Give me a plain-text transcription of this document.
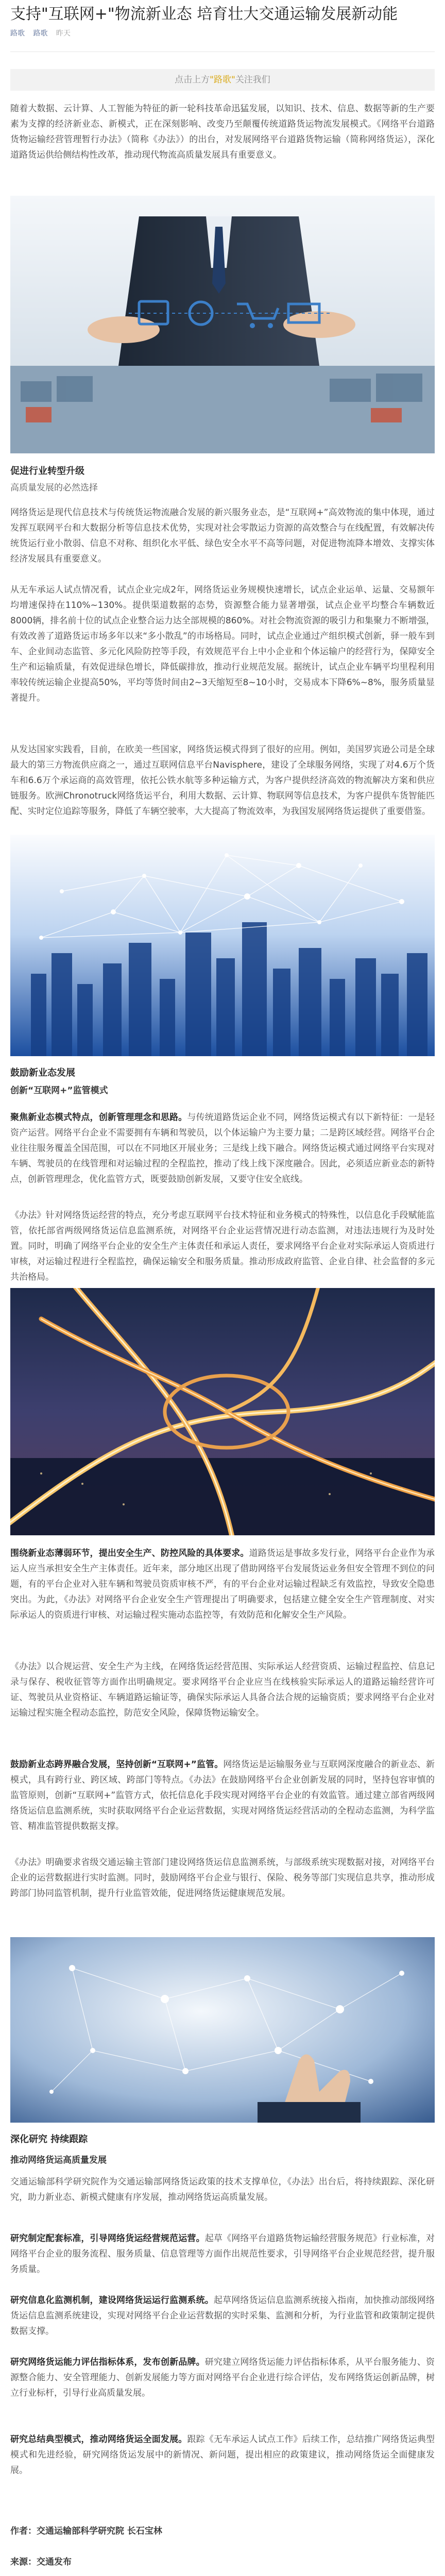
支持"互联网+"物流新业态 培育壮大交通运输发展新动能
路歌 路歌 昨天
点击上方"路歌"关注我们

随着大数据、云计算、人工智能为特征的新一轮科技革命迅猛发展，以知识、技术、信息、数据等新的生产要素为支撑的经济新业态、新模式，正在深刻影响、改变乃至颠覆传统道路货运物流发展模式。《网络平台道路货物运输经营管理暂行办法》（简称《办法》）的出台，对发展网络平台道路货物运输（简称网络货运），深化道路货运供给侧结构性改革，推动现代物流高质量发展具有重要意义。

促进行业转型升级
高质量发展的必然选择

网络货运是现代信息技术与传统货运物流融合发展的新兴服务业态，是“互联网+”高效物流的集中体现，通过发挥互联网平台和大数据分析等信息技术优势，实现对社会零散运力资源的高效整合与在线配置，有效解决传统货运行业小散弱、信息不对称、组织化水平低、绿色安全水平不高等问题，对促进物流降本增效、支撑实体经济发展具有重要意义。

从无车承运人试点情况看，试点企业完成2年，网络货运业务规模快速增长，试点企业运单、运量、交易额年均增速保持在110%~130%。提供渠道数据的态势，资源整合能力显著增强，试点企业平均整合车辆数近8000辆，排名前十位的试点企业整合运力达全部规模的860%。对社会物流资源的吸引力和集聚力不断增强，有效改善了道路货运市场多年以来“多小散乱”的市场格局。同时，试点企业通过产组织模式创新，驿一般车到车、企业间动态监管、多元化风险防控等手段，有效规范平台上中小企业和个体运输户的经营行为，保障安全生产和运输质量，有效促进绿色增长，降低碳排放，推动行业规范发展。据统计，试点企业车辆平均里程利用率较传统运输企业提高50%，平均等货时间由2~3天缩短至8~10小时，交易成本下降6%~8%，服务质量显著提升。

从发达国家实践看，目前，在欧美一些国家，网络货运模式得到了很好的应用。例如，美国罗宾逊公司是全球最大的第三方物流供应商之一，通过互联网信息平台Navisphere，建设了全球服务网络，实现了对4.6万个货车和6.6万个承运商的高效管理，依托公铁水航等多种运输方式，为客户提供经济高效的物流解决方案和供应链服务。欧洲Chronotruck网络货运平台，利用大数据、云计算、物联网等信息技术，为客户提供车货智能匹配、实时定位追踪等服务，降低了车辆空驶率，大大提高了物流效率，为我国发展网络货运提供了重要借鉴。

鼓励新业态发展
创新“互联网+”监管模式

聚焦新业态模式特点，创新管理理念和思路。与传统道路货运企业不同，网络货运模式有以下新特征：一是轻资产运营。网络平台企业不需要拥有车辆和驾驶员，以个体运输户为主要力量；二是跨区域经营。网络平台企业往往服务覆盖全国范围，可以在不同地区开展业务；三是线上线下融合。网络货运模式通过网络平台实现对车辆、驾驶员的在线管理和对运输过程的全程监控，推动了线上线下深度融合。因此，必须适应新业态的新特点，创新管理理念，优化监管方式，既要鼓励创新发展，又要守住安全底线。

《办法》针对网络货运经营的特点，充分考虑互联网平台技术特征和业务模式的特殊性，以信息化手段赋能监管，依托部省两级网络货运信息监测系统，对网络平台企业运营情况进行动态监测，对违法违规行为及时处置。同时，明确了网络平台企业的安全生产主体责任和承运人责任，要求网络平台企业对实际承运人资质进行审核，对运输过程进行全程监控，确保运输安全和服务质量。推动形成政府监管、企业自律、社会监督的多元共治格局。

围绕新业态薄弱环节，提出安全生产、防控风险的具体要求。道路货运是事故多发行业，网络平台企业作为承运人应当承担安全生产主体责任。近年来，部分地区出现了借助网络平台发展货运业务但安全管理不到位的问题，有的平台企业对入驻车辆和驾驶员资质审核不严，有的平台企业对运输过程缺乏有效监控，导致安全隐患突出。为此，《办法》对网络平台企业安全生产管理提出了明确要求，包括建立健全安全生产管理制度、对实际承运人的资质进行审核、对运输过程实施动态监控等，有效防范和化解安全生产风险。

《办法》以合规运营、安全生产为主线，在网络货运经营范围、实际承运人经营资质、运输过程监控、信息记录与保存、税收征管等方面作出明确规定。要求网络平台企业应当在线核验实际承运人的道路运输经营许可证、驾驶员从业资格证、车辆道路运输证等，确保实际承运人具备合法合规的运输资质；要求网络平台企业对运输过程实施全程动态监控，防范安全风险，保障货物运输安全。

鼓励新业态跨界融合发展，坚持创新“互联网+”监管。网络货运是运输服务业与互联网深度融合的新业态、新模式，具有跨行业、跨区域、跨部门等特点。《办法》在鼓励网络平台企业创新发展的同时，坚持包容审慎的监管原则，创新“互联网+”监管方式，依托信息化手段实现对网络平台企业的有效监管。通过建立部省两级网络货运信息监测系统，实时获取网络平台企业运营数据，实现对网络货运经营活动的全程动态监测，为科学监管、精准监管提供数据支撑。

《办法》明确要求省级交通运输主管部门建设网络货运信息监测系统，与部级系统实现数据对接，对网络平台企业的运营数据进行实时监测。同时，鼓励网络平台企业与银行、保险、税务等部门实现信息共享，推动形成跨部门协同监管机制，提升行业监管效能，促进网络货运健康规范发展。

深化研究 持续跟踪
推动网络货运高质量发展

交通运输部科学研究院作为交通运输部网络货运政策的技术支撑单位，《办法》出台后，将持续跟踪、深化研究，助力新业态、新模式健康有序发展，推动网络货运高质量发展。

研究制定配套标准，引导网络货运经营规范运营。起草《网络平台道路货物运输经营服务规范》行业标准，对网络平台企业的服务流程、服务质量、信息管理等方面作出规范性要求，引导网络平台企业规范经营，提升服务质量。

研究信息化监测机制，建设网络货运运行监测系统。起草网络货运信息监测系统接入指南，加快推动部级网络货运信息监测系统建设，实现对网络平台企业运营数据的实时采集、监测和分析，为行业监管和政策制定提供数据支撑。

研究网络货运能力评估指标体系，发布创新品牌。研究建立网络货运能力评估指标体系，从平台服务能力、资源整合能力、安全管理能力、创新发展能力等方面对网络平台企业进行综合评估，发布网络货运创新品牌，树立行业标杆，引导行业高质量发展。

研究总结典型模式，推动网络货运全面发展。跟踪《无车承运人试点工作》后续工作，总结推广网络货运典型模式和先进经验，研究网络货运发展中的新情况、新问题，提出相应的政策建议，推动网络货运全面健康发展。

作者：交通运输部科学研究院 长石宝林
来源：交通发布
